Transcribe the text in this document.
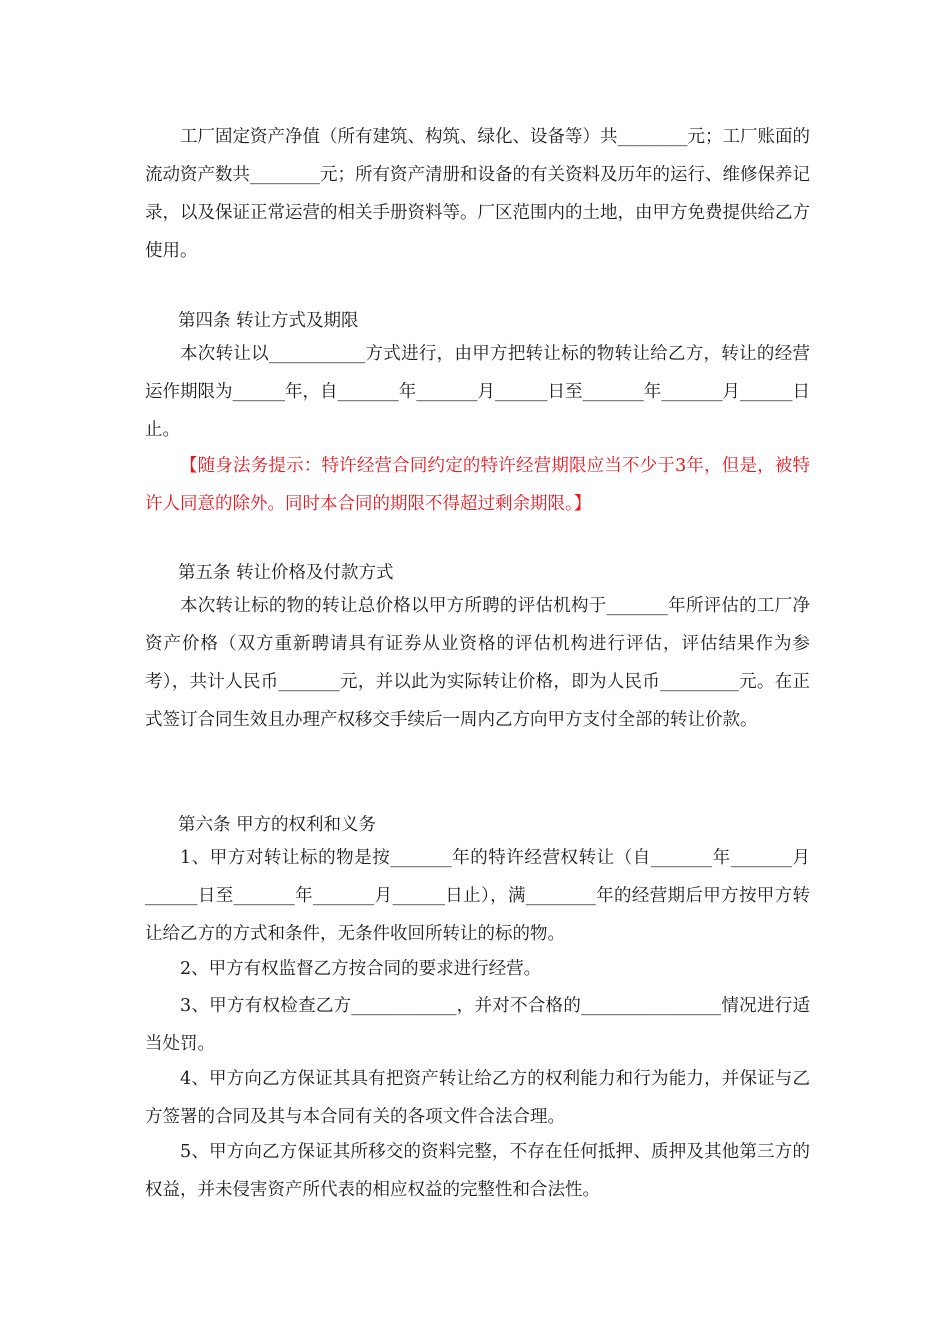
工厂固定资产净值（所有建筑、构筑、绿化、设备等）共________元；工厂账面的流动资产数共________元；所有资产清册和设备的有关资料及历年的运行、维修保养记录，以及保证正常运营的相关手册资料等。厂区范围内的土地，由甲方免费提供给乙方使用。

第四条 转让方式及期限

本次转让以___________方式进行，由甲方把转让标的物转让给乙方，转让的经营运作期限为______年，自_______年_______月______日至_______年_______月______日止。

【随身法务提示：特许经营合同约定的特许经营期限应当不少于3年，但是，被特许人同意的除外。同时本合同的期限不得超过剩余期限。】

第五条 转让价格及付款方式

本次转让标的物的转让总价格以甲方所聘的评估机构于_______年所评估的工厂净资产价格（双方重新聘请具有证券从业资格的评估机构进行评估，评估结果作为参考），共计人民币_______元，并以此为实际转让价格，即为人民币_________元。在正式签订合同生效且办理产权移交手续后一周内乙方向甲方支付全部的转让价款。

第六条 甲方的权利和义务

1、甲方对转让标的物是按_______年的特许经营权转让（自_______年_______月______日至_______年_______月______日止），满________年的经营期后甲方按甲方转让给乙方的方式和条件，无条件收回所转让的标的物。

2、甲方有权监督乙方按合同的要求进行经营。

3、甲方有权检查乙方____________，并对不合格的________________情况进行适当处罚。

4、甲方向乙方保证其具有把资产转让给乙方的权利能力和行为能力，并保证与乙方签署的合同及其与本合同有关的各项文件合法合理。

5、甲方向乙方保证其所移交的资料完整，不存在任何抵押、质押及其他第三方的权益，并未侵害资产所代表的相应权益的完整性和合法性。
